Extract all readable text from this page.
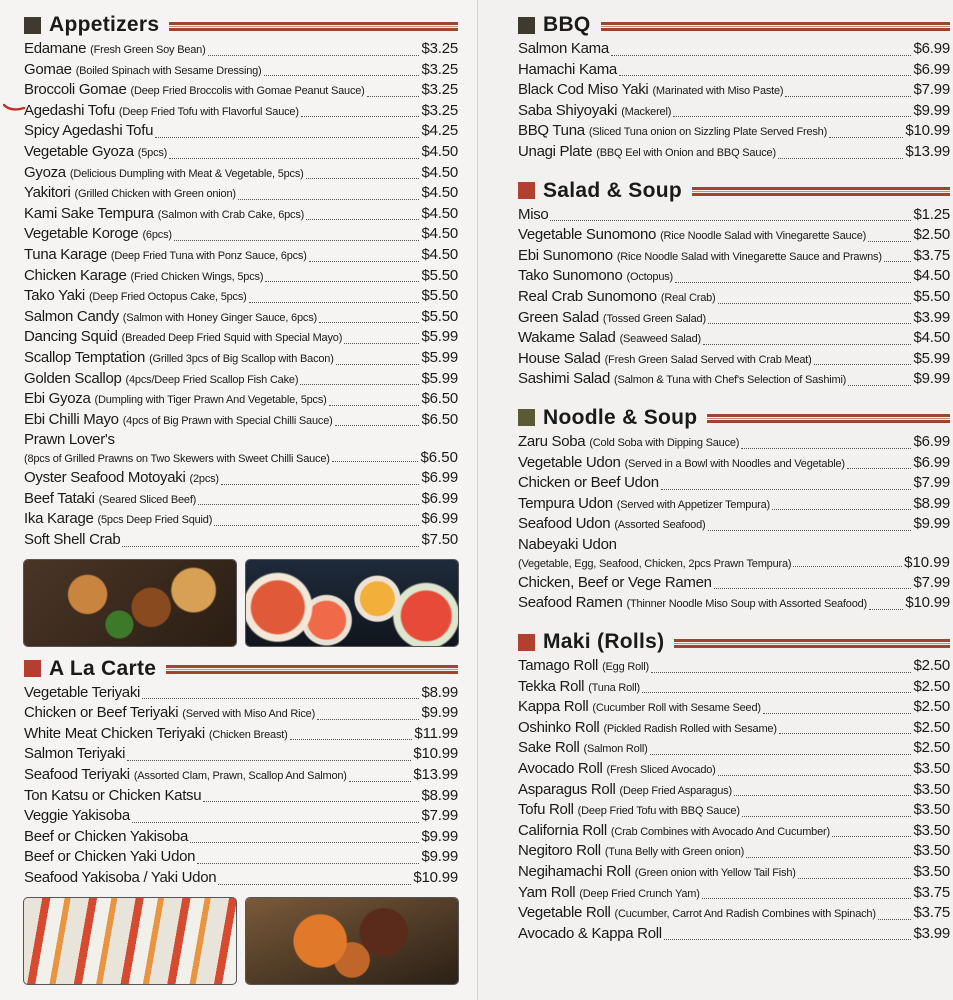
Appetizers
Edamane (Fresh Green Soy Bean)	$3.25
Gomae (Boiled Spinach with Sesame Dressing)	$3.25
Broccoli Gomae (Deep Fried Broccolis with Gomae Peanut Sauce)	$3.25
Agedashi Tofu (Deep Fried Tofu with Flavorful Sauce)	$3.25
Spicy Agedashi Tofu	$4.25
Vegetable Gyoza (5pcs)	$4.50
Gyoza (Delicious Dumpling with Meat & Vegetable, 5pcs)	$4.50
Yakitori (Grilled Chicken with Green onion)	$4.50
Kami Sake Tempura (Salmon with Crab Cake, 6pcs)	$4.50
Vegetable Koroge (6pcs)	$4.50
Tuna Karage (Deep Fried Tuna with Ponz Sauce, 6pcs)	$4.50
Chicken Karage (Fried Chicken Wings, 5pcs)	$5.50
Tako Yaki (Deep Fried Octopus Cake, 5pcs)	$5.50
Salmon Candy (Salmon with Honey Ginger Sauce, 6pcs)	$5.50
Dancing Squid (Breaded Deep Fried Squid with Special Mayo)	$5.99
Scallop Temptation (Grilled 3pcs of Big Scallop with Bacon)	$5.99
Golden Scallop (4pcs/Deep Fried Scallop Fish Cake)	$5.99
Ebi Gyoza (Dumpling with Tiger Prawn And Vegetable, 5pcs)	$6.50
Ebi Chilli Mayo (4pcs of Big Prawn with Special Chilli Sauce)	$6.50
Prawn Lover's
(8pcs of Grilled Prawns on Two Skewers with Sweet Chilli Sauce)	$6.50
Oyster Seafood Motoyaki (2pcs)	$6.99
Beef Tataki (Seared Sliced Beef)	$6.99
Ika Karage (5pcs Deep Fried Squid)	$6.99
Soft Shell Crab	$7.50
A La Carte
Vegetable Teriyaki	$8.99
Chicken or Beef Teriyaki (Served with Miso And Rice)	$9.99
White Meat Chicken Teriyaki (Chicken Breast)	$11.99
Salmon Teriyaki	$10.99
Seafood Teriyaki (Assorted Clam, Prawn, Scallop And Salmon)	$13.99
Ton Katsu or Chicken Katsu	$8.99
Veggie Yakisoba	$7.99
Beef or Chicken Yakisoba	$9.99
Beef or Chicken Yaki Udon	$9.99
Seafood Yakisoba / Yaki Udon	$10.99
BBQ
Salmon Kama	$6.99
Hamachi Kama	$6.99
Black Cod Miso Yaki (Marinated with Miso Paste)	$7.99
Saba Shiyoyaki (Mackerel)	$9.99
BBQ Tuna (Sliced Tuna onion on Sizzling Plate Served Fresh)	$10.99
Unagi Plate (BBQ Eel with Onion and BBQ Sauce)	$13.99
Salad & Soup
Miso	$1.25
Vegetable Sunomono (Rice Noodle Salad with Vinegarette Sauce)	$2.50
Ebi Sunomono (Rice Noodle Salad with Vinegarette Sauce and Prawns) $3.75
Tako Sunomono (Octopus)	$4.50
Real Crab Sunomono (Real Crab)	$5.50
Green Salad (Tossed Green Salad)	$3.99
Wakame Salad (Seaweed Salad)	$4.50
House Salad (Fresh Green Salad Served with Crab Meat)	$5.99
Sashimi Salad (Salmon & Tuna with Chef's Selection of Sashimi)	$9.99
Noodle & Soup
Zaru Soba (Cold Soba with Dipping Sauce)	$6.99
Vegetable Udon (Served in a Bowl with Noodles and Vegetable)	$6.99
Chicken or Beef Udon	$7.99
Tempura Udon (Served with Appetizer Tempura)	$8.99
Seafood Udon (Assorted Seafood)	$9.99
Nabeyaki Udon
(Vegetable, Egg, Seafood, Chicken, 2pcs Prawn Tempura)	$10.99
Chicken, Beef or Vege Ramen	$7.99
Seafood Ramen (Thinner Noodle Miso Soup with Assorted Seafood)	$10.99
Maki (Rolls)
Tamago Roll (Egg Roll)	$2.50
Tekka Roll (Tuna Roll)	$2.50
Kappa Roll (Cucumber Roll with Sesame Seed)	$2.50
Oshinko Roll (Pickled Radish Rolled with Sesame)	$2.50
Sake Roll (Salmon Roll)	$2.50
Avocado Roll (Fresh Sliced Avocado)	$3.50
Asparagus Roll (Deep Fried Asparagus)	$3.50
Tofu Roll (Deep Fried Tofu with BBQ Sauce)	$3.50
California Roll (Crab Combines with Avocado And Cucumber)	$3.50
Negitoro Roll (Tuna Belly with Green onion)	$3.50
Negihamachi Roll (Green onion with Yellow Tail Fish)	$3.50
Yam Roll (Deep Fried Crunch Yam)	$3.75
Vegetable Roll (Cucumber, Carrot And Radish Combines with Spinach)	$3.75
Avocado & Kappa Roll	$3.99
